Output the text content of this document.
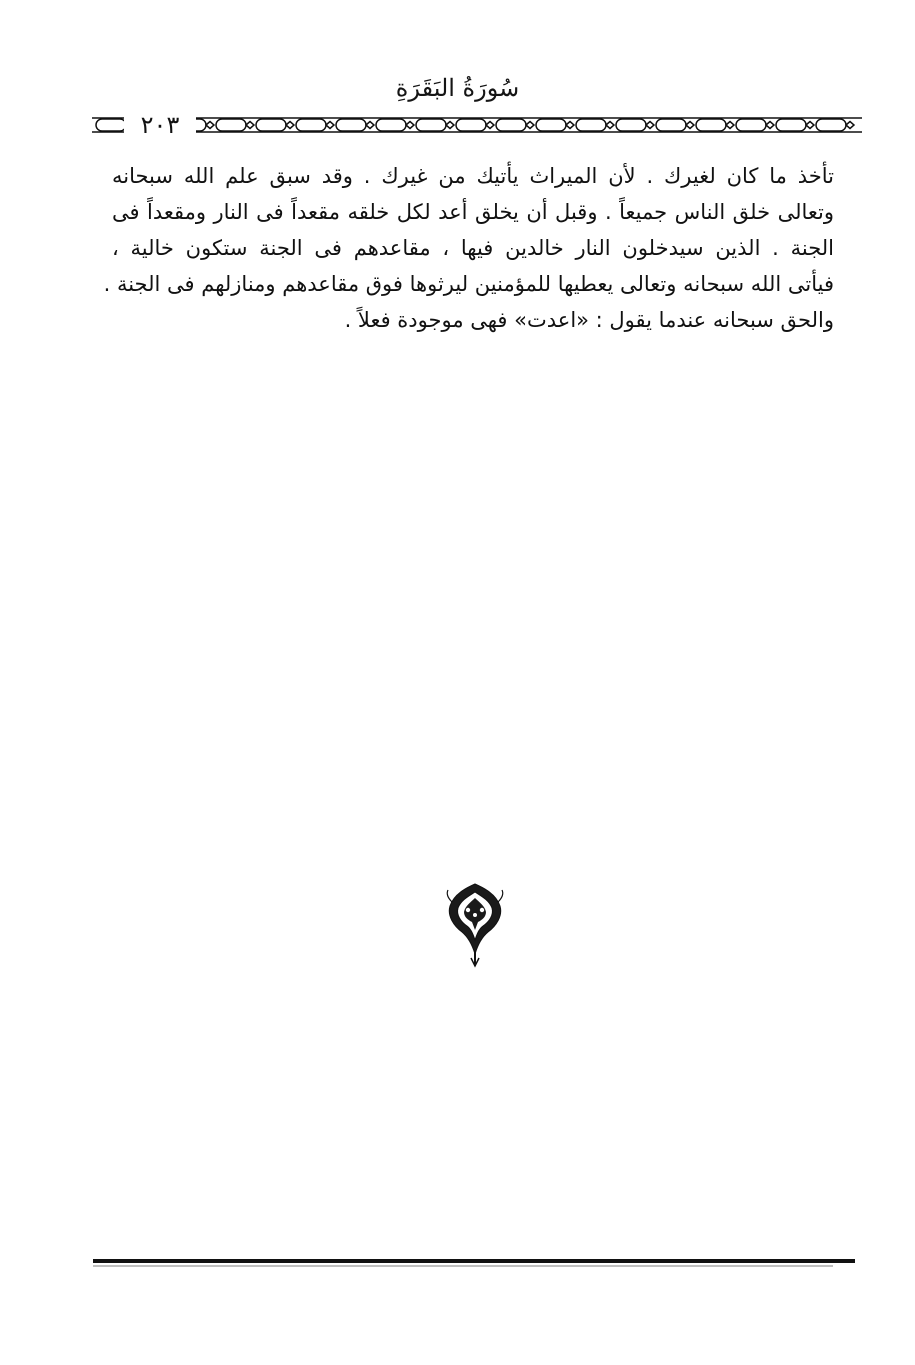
سُورَةُ البَقَرَةِ
٢٠٣
تأخذ ما كان لغيرك . لأن الميراث يأتيك من غيرك . وقد سبق علم الله سبحانه
وتعالى خلق الناس جميعاً . وقبل أن يخلق أعد لكل خلقه مقعداً فى النار ومقعداً فى
الجنة . الذين سيدخلون النار خالدين فيها ، مقاعدهم فى الجنة ستكون خالية ،
فيأتى الله سبحانه وتعالى يعطيها للمؤمنين ليرثوها فوق مقاعدهم ومنازلهم فى الجنة .
والحق سبحانه عندما يقول : «اعدت» فهى موجودة فعلاً .
